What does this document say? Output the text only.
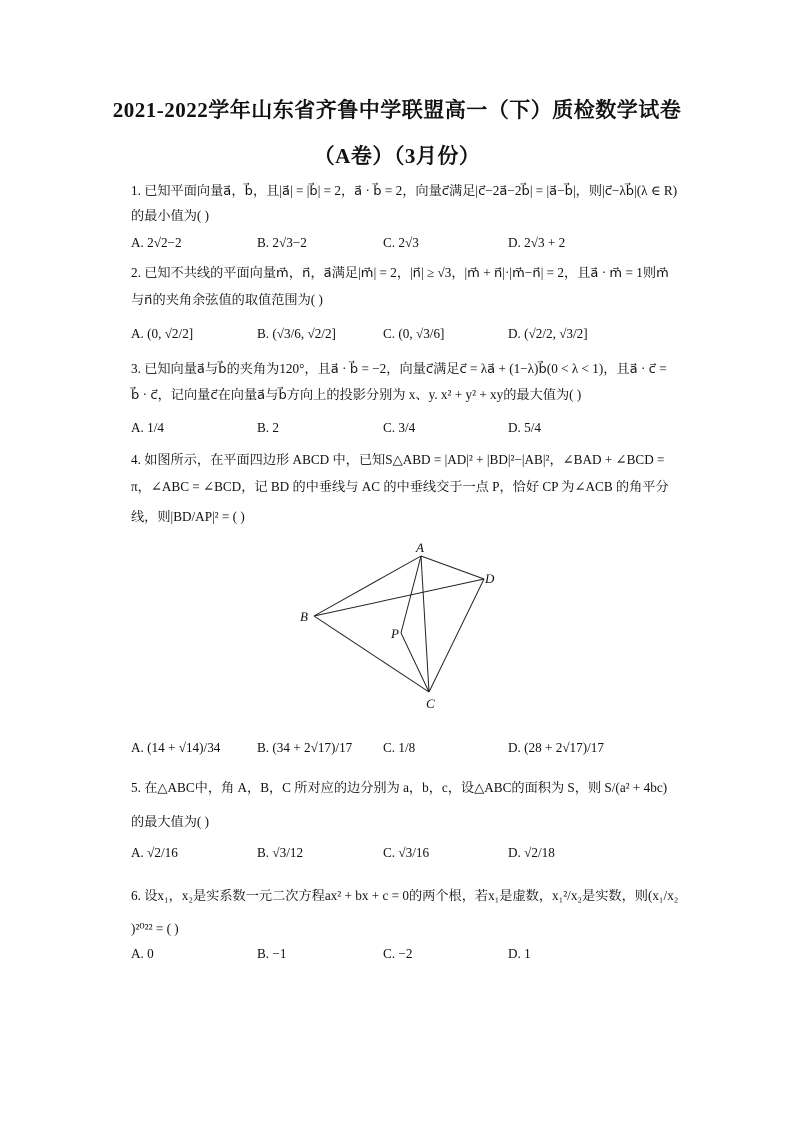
2021-2022学年山东省齐鲁中学联盟高一（下）质检数学试卷
（A卷）（3月份）
1. 已知平面向量a⃗，b⃗，且|a⃗| = |b⃗| = 2，a⃗ · b⃗ = 2，向量c⃗满足|c⃗−2a⃗−2b⃗| = |a⃗−b⃗|，则|c⃗−λb⃗|(λ ∈ R)
的最小值为( )
A. 2√2−2	B. 2√3−2	C. 2√3	D. 2√3 + 2
2. 已知不共线的平面向量m⃗，n⃗，a⃗满足|m⃗| = 2，|n⃗| ≥ √3，|m⃗ + n⃗|·|m⃗−n⃗| = 2，且a⃗ · m⃗ = 1则m⃗
与n⃗的夹角余弦值的取值范围为( )
A. (0, √2/2]	B. (√3/6, √2/2]	C. (0, √3/6]	D. (√2/2, √3/2]
3. 已知向量a⃗与b⃗的夹角为120°，且a⃗ · b⃗ = −2，向量c⃗满足c⃗ = λa⃗ + (1−λ)b⃗(0 < λ < 1)，且a⃗ · c⃗ =
b⃗ · c⃗，记向量c⃗在向量a⃗与b⃗方向上的投影分别为 x、y. x² + y² + xy的最大值为( )
A. 1/4	B. 2	C. 3/4	D. 5/4
4. 如图所示，在平面四边形 ABCD 中，已知S△ABD = |AD|² + |BD|²−|AB|²，∠BAD + ∠BCD =
π，∠ABC = ∠BCD，记 BD 的中垂线与 AC 的中垂线交于一点 P，恰好 CP 为∠ACB 的角平分
线，则|BD/AP|² = ( )
A
B
C
D
P
A. (14 + √14)/34	B. (34 + 2√17)/17 C. 1/8	D. (28 + 2√17)/17
5. 在△ABC中，角 A，B，C 所对应的边分别为 a，b，c，设△ABC的面积为 S，则 S/(a² + 4bc)
的最大值为( )
A. √2/16	B. √3/12	C. √3/16	D. √2/18
6. 设x₁，x₂是实系数一元二次方程ax² + bx + c = 0的两个根，若x₁是虚数，x₁²/x₂是实数，则(x₁/x₂
)²⁰²² = ( )
A. 0	B. −1	C. −2	D. 1
